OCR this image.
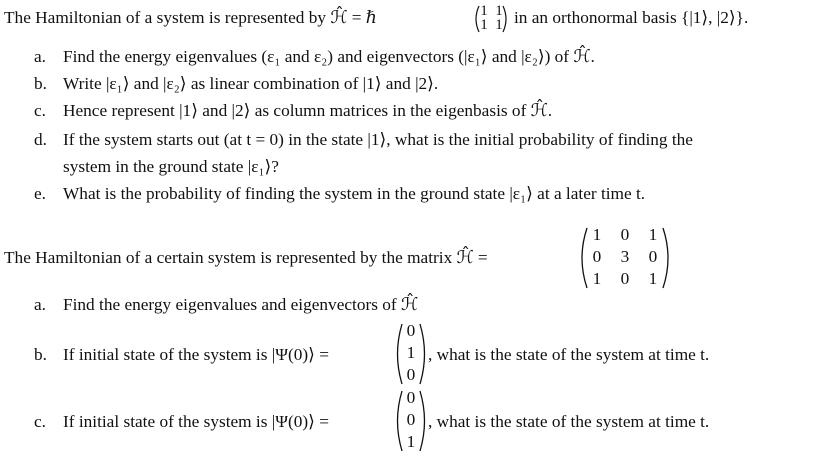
The Hamiltonian of a system is represented by ℋ̂ = ℏ	1 1
1 1 in an orthonormal basis {|1⟩, |2⟩}.
a. Find the energy eigenvalues (ε₁ and ε₂) and eigenvectors (|ε₁⟩ and |ε₂⟩) of ℋ̂.
b. Write |ε₁⟩ and |ε₂⟩ as linear combination of |1⟩ and |2⟩.
c. Hence represent |1⟩ and |2⟩ as column matrices in the eigenbasis of ℋ̂.
d. If the system starts out (at t = 0) in the state |1⟩, what is the initial probability of finding the
system in the ground state |ε₁⟩?
e. What is the probability of finding the system in the ground state |ε₁⟩ at a later time t.
The Hamiltonian of a certain system is represented by the matrix ℋ̂ =
1 0 1
0 3 0
1 0 1
a. Find the energy eigenvalues and eigenvectors of ℋ̂
b. If initial state of the system is |Ψ(0)⟩ =
0
1
0
, what is the state of the system at time t.
c. If initial state of the system is |Ψ(0)⟩ =
0
0
1
, what is the state of the system at time t.
